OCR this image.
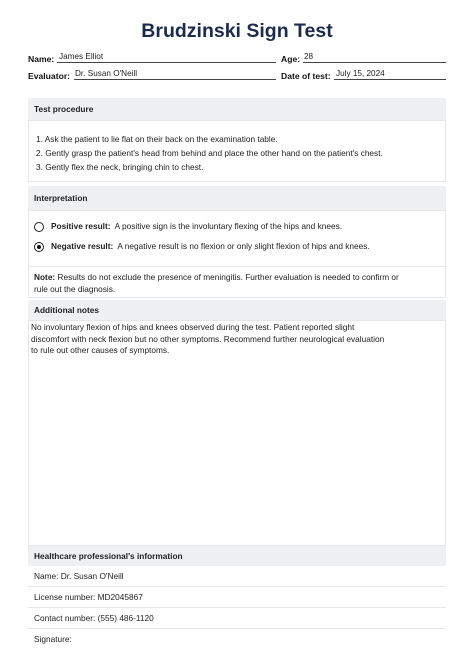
Brudzinski Sign Test
Name: James Elliot	Age: 28
Evaluator: Dr. Susan O'Neill	Date of test: July 15, 2024
Test procedure
1. Ask the patient to lie flat on their back on the examination table.
2. Gently grasp the patient's head from behind and place the other hand on the patient's chest.
3. Gently flex the neck, bringing chin to chest.
Interpretation
Positive result: A positive sign is the involuntary flexing of the hips and knees.
Negative result: A negative result is no flexion or only slight flexion of hips and knees.
Note: Results do not exclude the presence of meningitis. Further evaluation is needed to confirm or
rule out the diagnosis.
Additional notes
No involuntary flexion of hips and knees observed during the test. Patient reported slight
discomfort with neck flexion but no other symptoms. Recommend further neurological evaluation
to rule out other causes of symptoms.
Healthcare professional's information
Name: Dr. Susan O'Neill
License number: MD2045867
Contact number: (555) 486-1120
Signature:
